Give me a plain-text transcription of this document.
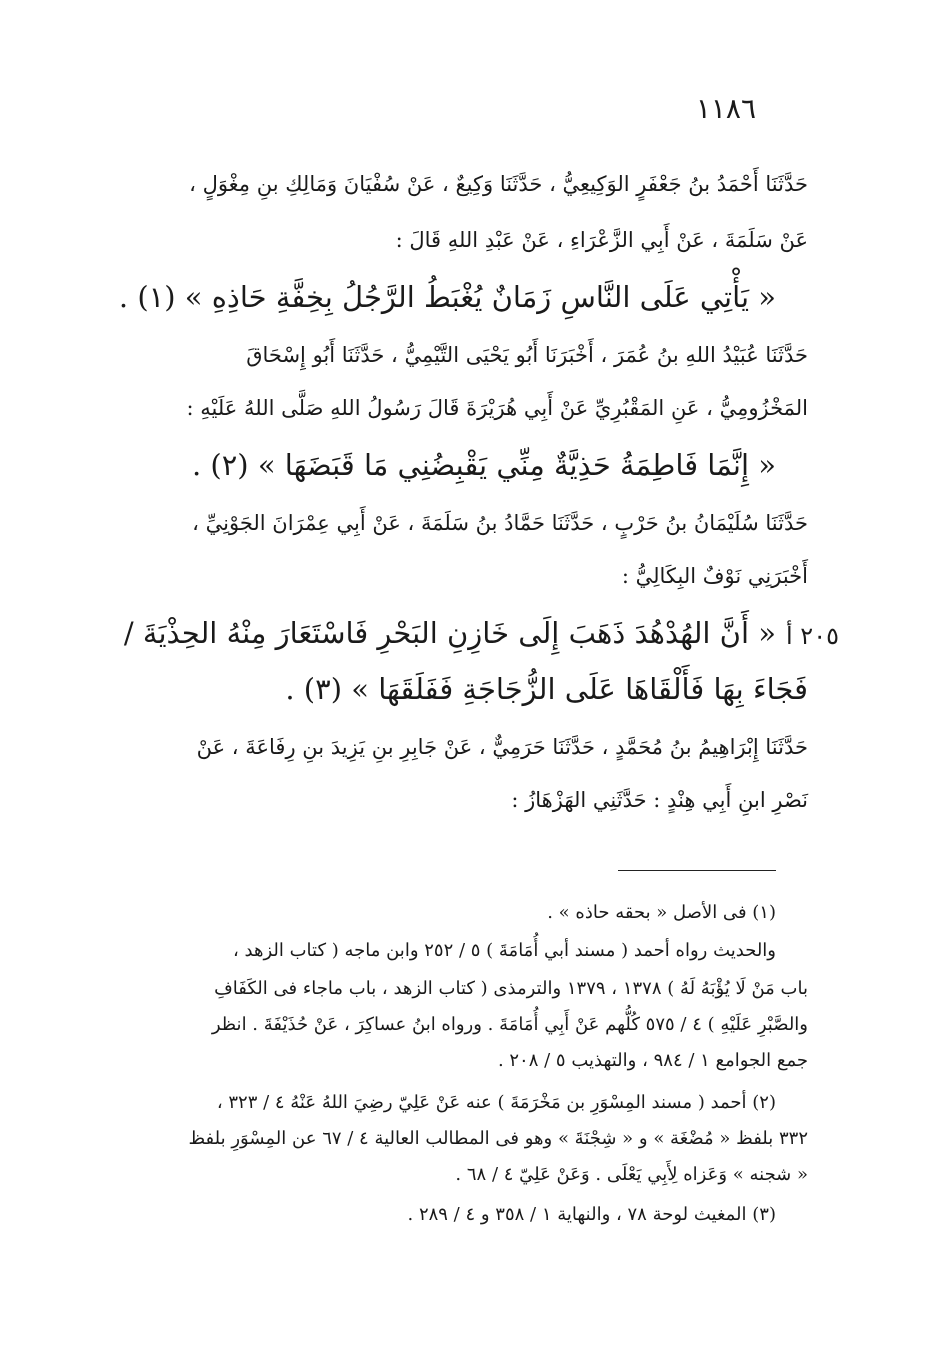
١١٨٦
حَدَّثَنَا أَحْمَدُ بنُ جَعْفَرٍ الوَكِيعِيُّ ، حَدَّثَنَا وَكِيعٌ ، عَنْ سُفْيَانَ وَمَالِكِ بنِ مِغْوَلٍ ،
عَنْ سَلَمَةَ ، عَنْ أَبِي الزَّعْرَاءِ ، عَنْ عَبْدِ اللهِ قَالَ :
« يَأْتِي عَلَى النَّاسِ زَمَانٌ يُغْبَطُ الرَّجُلُ بِخِفَّةِ حَاذِهِ » (١) .
حَدَّثَنَا عُبَيْدُ اللهِ بنُ عُمَرَ ، أَخْبَرَنَا أَبُو يَحْيَى التَّيْمِيُّ ، حَدَّثَنَا أَبُو إِسْحَاقَ
المَخْزُومِيُّ ، عَنِ المَقْبُرِيِّ عَنْ أَبِي هُرَيْرَةَ قَالَ رَسُولُ اللهِ صَلَّى اللهُ عَلَيْهِ :
« إِنَّمَا فَاطِمَةُ حَذِيَّةٌ مِنِّي يَقْبِضُنِي مَا قَبَضَهَا » (٢) .
حَدَّثَنَا سُلَيْمَانُ بنُ حَرْبٍ ، حَدَّثَنَا حَمَّادُ بنُ سَلَمَةَ ، عَنْ أَبِي عِمْرَانَ الجَوْنِيِّ ،
أَخْبَرَنِي نَوْفٌ البِكَالِيُّ :
٢٠٥ أ
« أَنَّ الهُدْهُدَ ذَهَبَ إِلَى خَازِنِ البَحْرِ فَاسْتَعَارَ مِنْهُ الحِذْيَةَ /
فَجَاءَ بِهَا فَأَلْقَاهَا عَلَى الزُّجَاجَةِ فَفَلَقَهَا » (٣) .
حَدَّثَنَا إِبْرَاهِيمُ بنُ مُحَمَّدٍ ، حَدَّثَنَا حَرَمِيٌّ ، عَنْ جَابِرِ بنِ يَزِيدَ بنِ رِفَاعَةَ ، عَنْ
نَصْرِ ابنِ أَبِي هِنْدٍ : حَدَّثَنِي الهَزْهَازُ :
(١) فى الأصل « بحقه حاذه » .
والحديث رواه أحمد ( مسند أبي أُمَامَةَ ) ٥ / ٢٥٢ وابن ماجه ( كتاب الزهد ،
باب مَنْ لَا يُؤْبَهُ لَهُ ) ١٣٧٨ ، ١٣٧٩ والترمذى ( كتاب الزهد ، باب ماجاء فى الكَفَافِ
والصَّبْرِ عَلَيْهِ ) ٤ / ٥٧٥ كُلُّهم عَنْ أَبِي أُمَامَةَ . ورواه ابنُ عساكِرَ ، عَنْ حُذَيْفَةَ . انظر
جمع الجوامع ١ / ٩٨٤ ، والتهذيب ٥ / ٢٠٨ .
(٢) أحمد ( مسند المِسْوَرِ بن مَخْرَمَةَ ) عنه عَنْ عَلِيّ رضِيَ اللهُ عَنْهُ ٤ / ٣٢٣ ،
٣٣٢ بلفظ « مُضْغَة » و « شِجْنَةَ » وهو فى المطالب العالية ٤ / ٦٧ عن المِسْوَرِ بلفظ
« شجنه » وَعَزاه لِأَبِي يَعْلَى . وَعَنْ عَلِيّ ٤ / ٦٨ .
(٣) المغيث لوحة ٧٨ ، والنهاية ١ / ٣٥٨ و ٤ / ٢٨٩ .
